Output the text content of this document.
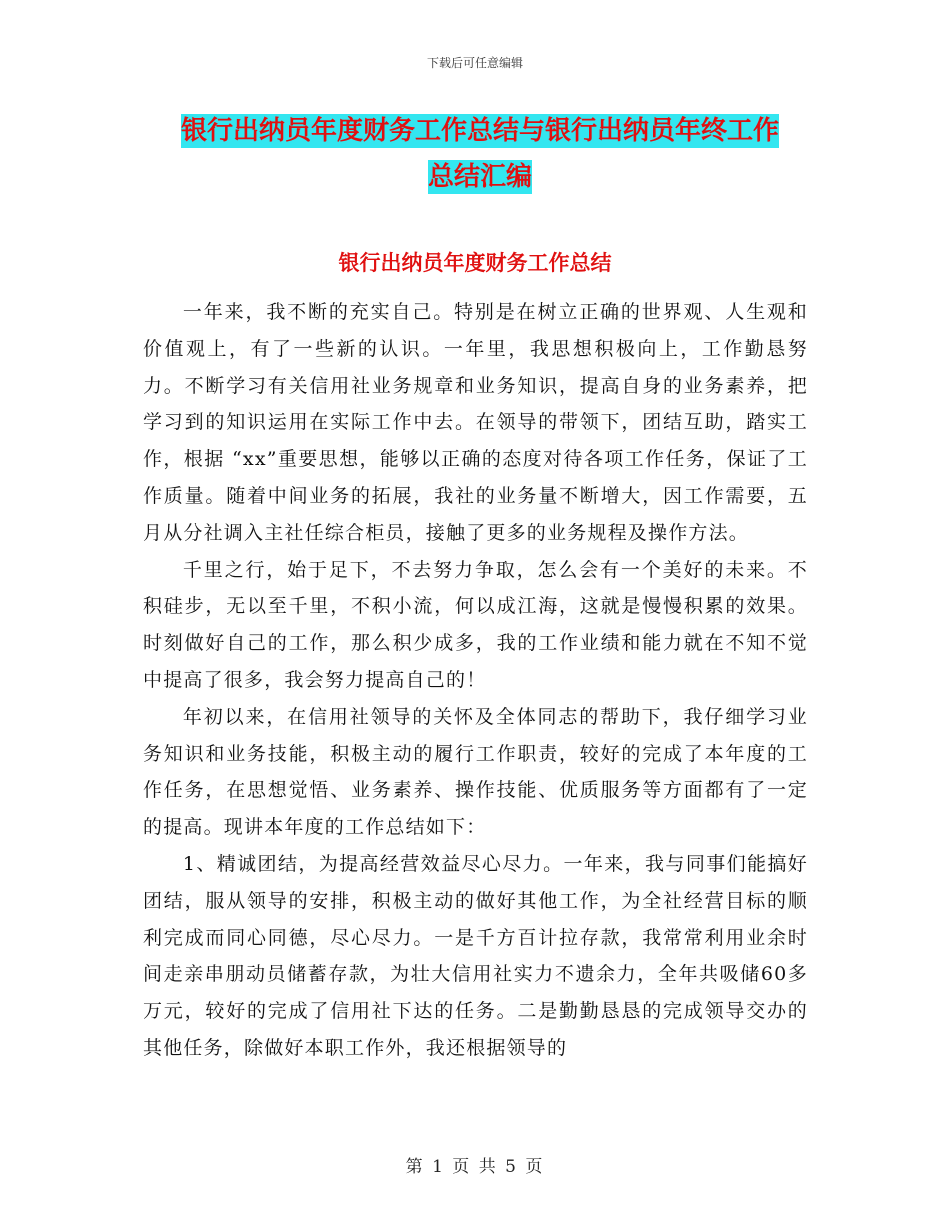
下载后可任意编辑
银行出纳员年度财务工作总结与银行出纳员年终工作
总结汇编
银行出纳员年度财务工作总结

一年来，我不断的充实自己。特别是在树立正确的世界观、人生观和价值观上，有了一些新的认识。一年里，我思想积极向上，工作勤恳努力。不断学习有关信用社业务规章和业务知识，提高自身的业务素养，把学习到的知识运用在实际工作中去。在领导的带领下，团结互助，踏实工作，根据 “xx”重要思想，能够以正确的态度对待各项工作任务，保证了工作质量。随着中间业务的拓展，我社的业务量不断增大，因工作需要，五月从分社调入主社任综合柜员，接触了更多的业务规程及操作方法。

千里之行，始于足下，不去努力争取，怎么会有一个美好的未来。不积硅步，无以至千里，不积小流，何以成江海，这就是慢慢积累的效果。时刻做好自己的工作，那么积少成多，我的工作业绩和能力就在不知不觉中提高了很多，我会努力提高自己的！

年初以来，在信用社领导的关怀及全体同志的帮助下，我仔细学习业务知识和业务技能，积极主动的履行工作职责，较好的完成了本年度的工作任务，在思想觉悟、业务素养、操作技能、优质服务等方面都有了一定的提高。现讲本年度的工作总结如下：

1、精诚团结，为提高经营效益尽心尽力。一年来，我与同事们能搞好团结，服从领导的安排，积极主动的做好其他工作，为全社经营目标的顺利完成而同心同德，尽心尽力。一是千方百计拉存款，我常常利用业余时间走亲串朋动员储蓄存款，为壮大信用社实力不遗余力，全年共吸储60多万元，较好的完成了信用社下达的任务。二是勤勤恳恳的完成领导交办的其他任务，除做好本职工作外，我还根据领导的

第 1 页 共 5 页
